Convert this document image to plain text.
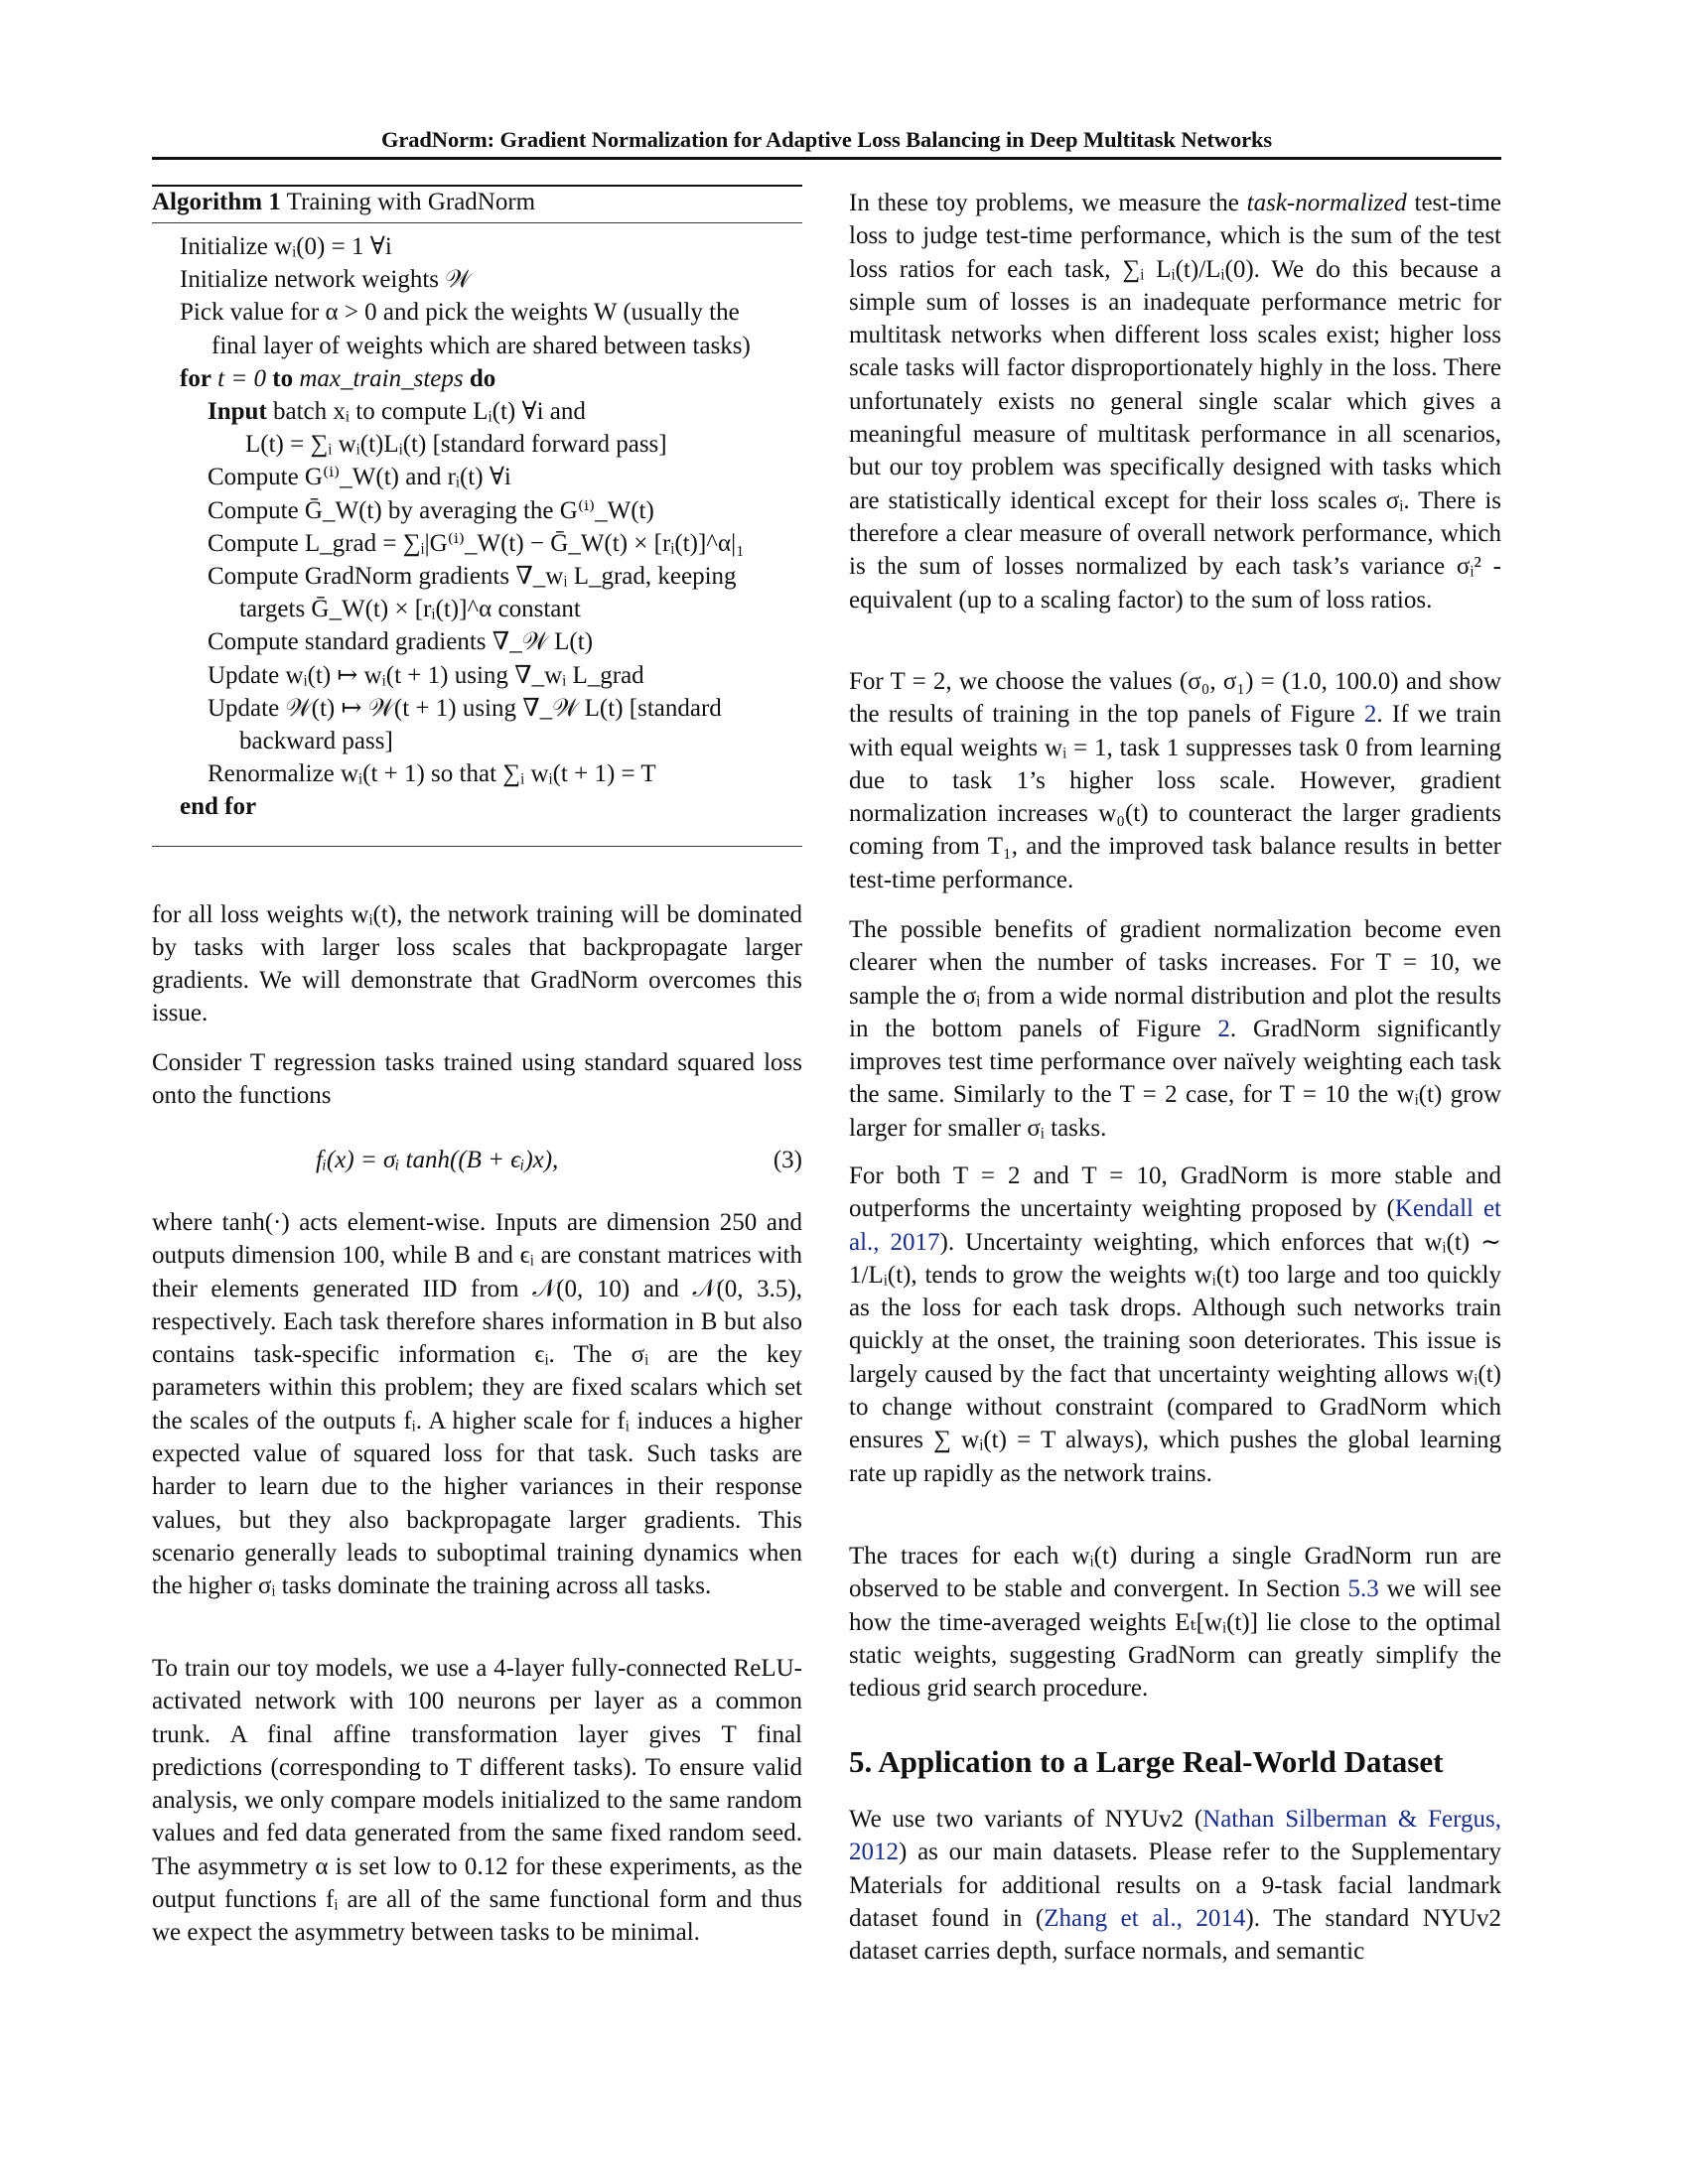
GradNorm: Gradient Normalization for Adaptive Loss Balancing in Deep Multitask Networks
Algorithm 1 Training with GradNorm
Initialize wᵢ(0) = 1 ∀i
Initialize network weights 𝒲
Pick value for α > 0 and pick the weights W (usually the
final layer of weights which are shared between tasks)
for t = 0 to max_train_steps do
Input batch xᵢ to compute Lᵢ(t) ∀i and
L(t) = ∑ᵢ wᵢ(t)Lᵢ(t) [standard forward pass]
Compute G⁽ⁱ⁾_W(t) and rᵢ(t) ∀i
Compute Ḡ_W(t) by averaging the G⁽ⁱ⁾_W(t)
Compute L_grad = ∑ᵢ|G⁽ⁱ⁾_W(t) − Ḡ_W(t) × [rᵢ(t)]^α|₁
Compute GradNorm gradients ∇_wᵢ L_grad, keeping
targets Ḡ_W(t) × [rᵢ(t)]^α constant
Compute standard gradients ∇_𝒲 L(t)
Update wᵢ(t) ↦ wᵢ(t + 1) using ∇_wᵢ L_grad
Update 𝒲(t) ↦ 𝒲(t + 1) using ∇_𝒲 L(t) [standard
backward pass]
Renormalize wᵢ(t + 1) so that ∑ᵢ wᵢ(t + 1) = T
end for

for all loss weights wᵢ(t), the network training will be dominated by tasks with larger loss scales that backpropagate larger gradients. We will demonstrate that GradNorm overcomes this issue.

Consider T regression tasks trained using standard squared loss onto the functions

fᵢ(x) = σᵢ tanh((B + ϵᵢ)x),	(3)

where tanh(·) acts element-wise. Inputs are dimension 250 and outputs dimension 100, while B and ϵᵢ are constant matrices with their elements generated IID from 𝒩(0, 10) and 𝒩(0, 3.5), respectively. Each task therefore shares information in B but also contains task-specific information ϵᵢ. The σᵢ are the key parameters within this problem; they are fixed scalars which set the scales of the outputs fᵢ. A higher scale for fᵢ induces a higher expected value of squared loss for that task. Such tasks are harder to learn due to the higher variances in their response values, but they also backpropagate larger gradients. This scenario generally leads to suboptimal training dynamics when the higher σᵢ tasks dominate the training across all tasks.

To train our toy models, we use a 4-layer fully-connected ReLU-activated network with 100 neurons per layer as a common trunk. A final affine transformation layer gives T final predictions (corresponding to T different tasks). To ensure valid analysis, we only compare models initialized to the same random values and fed data generated from the same fixed random seed. The asymmetry α is set low to 0.12 for these experiments, as the output functions fᵢ are all of the same functional form and thus we expect the asymmetry between tasks to be minimal.

In these toy problems, we measure the task-normalized test-time loss to judge test-time performance, which is the sum of the test loss ratios for each task, ∑ᵢ Lᵢ(t)/Lᵢ(0). We do this because a simple sum of losses is an inadequate performance metric for multitask networks when different loss scales exist; higher loss scale tasks will factor disproportionately highly in the loss. There unfortunately exists no general single scalar which gives a meaningful measure of multitask performance in all scenarios, but our toy problem was specifically designed with tasks which are statistically identical except for their loss scales σᵢ. There is therefore a clear measure of overall network performance, which is the sum of losses normalized by each task’s variance σᵢ² - equivalent (up to a scaling factor) to the sum of loss ratios.

For T = 2, we choose the values (σ₀, σ₁) = (1.0, 100.0) and show the results of training in the top panels of Figure 2. If we train with equal weights wᵢ = 1, task 1 suppresses task 0 from learning due to task 1’s higher loss scale. However, gradient normalization increases w₀(t) to counteract the larger gradients coming from T₁, and the improved task balance results in better test-time performance.

The possible benefits of gradient normalization become even clearer when the number of tasks increases. For T = 10, we sample the σᵢ from a wide normal distribution and plot the results in the bottom panels of Figure 2. GradNorm significantly improves test time performance over naïvely weighting each task the same. Similarly to the T = 2 case, for T = 10 the wᵢ(t) grow larger for smaller σᵢ tasks.

For both T = 2 and T = 10, GradNorm is more stable and outperforms the uncertainty weighting proposed by (Kendall et al., 2017). Uncertainty weighting, which enforces that wᵢ(t) ∼ 1/Lᵢ(t), tends to grow the weights wᵢ(t) too large and too quickly as the loss for each task drops. Although such networks train quickly at the onset, the training soon deteriorates. This issue is largely caused by the fact that uncertainty weighting allows wᵢ(t) to change without constraint (compared to GradNorm which ensures ∑ wᵢ(t) = T always), which pushes the global learning rate up rapidly as the network trains.

The traces for each wᵢ(t) during a single GradNorm run are observed to be stable and convergent. In Section 5.3 we will see how the time-averaged weights Eₜ[wᵢ(t)] lie close to the optimal static weights, suggesting GradNorm can greatly simplify the tedious grid search procedure.

5. Application to a Large Real-World Dataset

We use two variants of NYUv2 (Nathan Silberman & Fergus, 2012) as our main datasets. Please refer to the Supplementary Materials for additional results on a 9-task facial landmark dataset found in (Zhang et al., 2014). The standard NYUv2 dataset carries depth, surface normals, and semantic
